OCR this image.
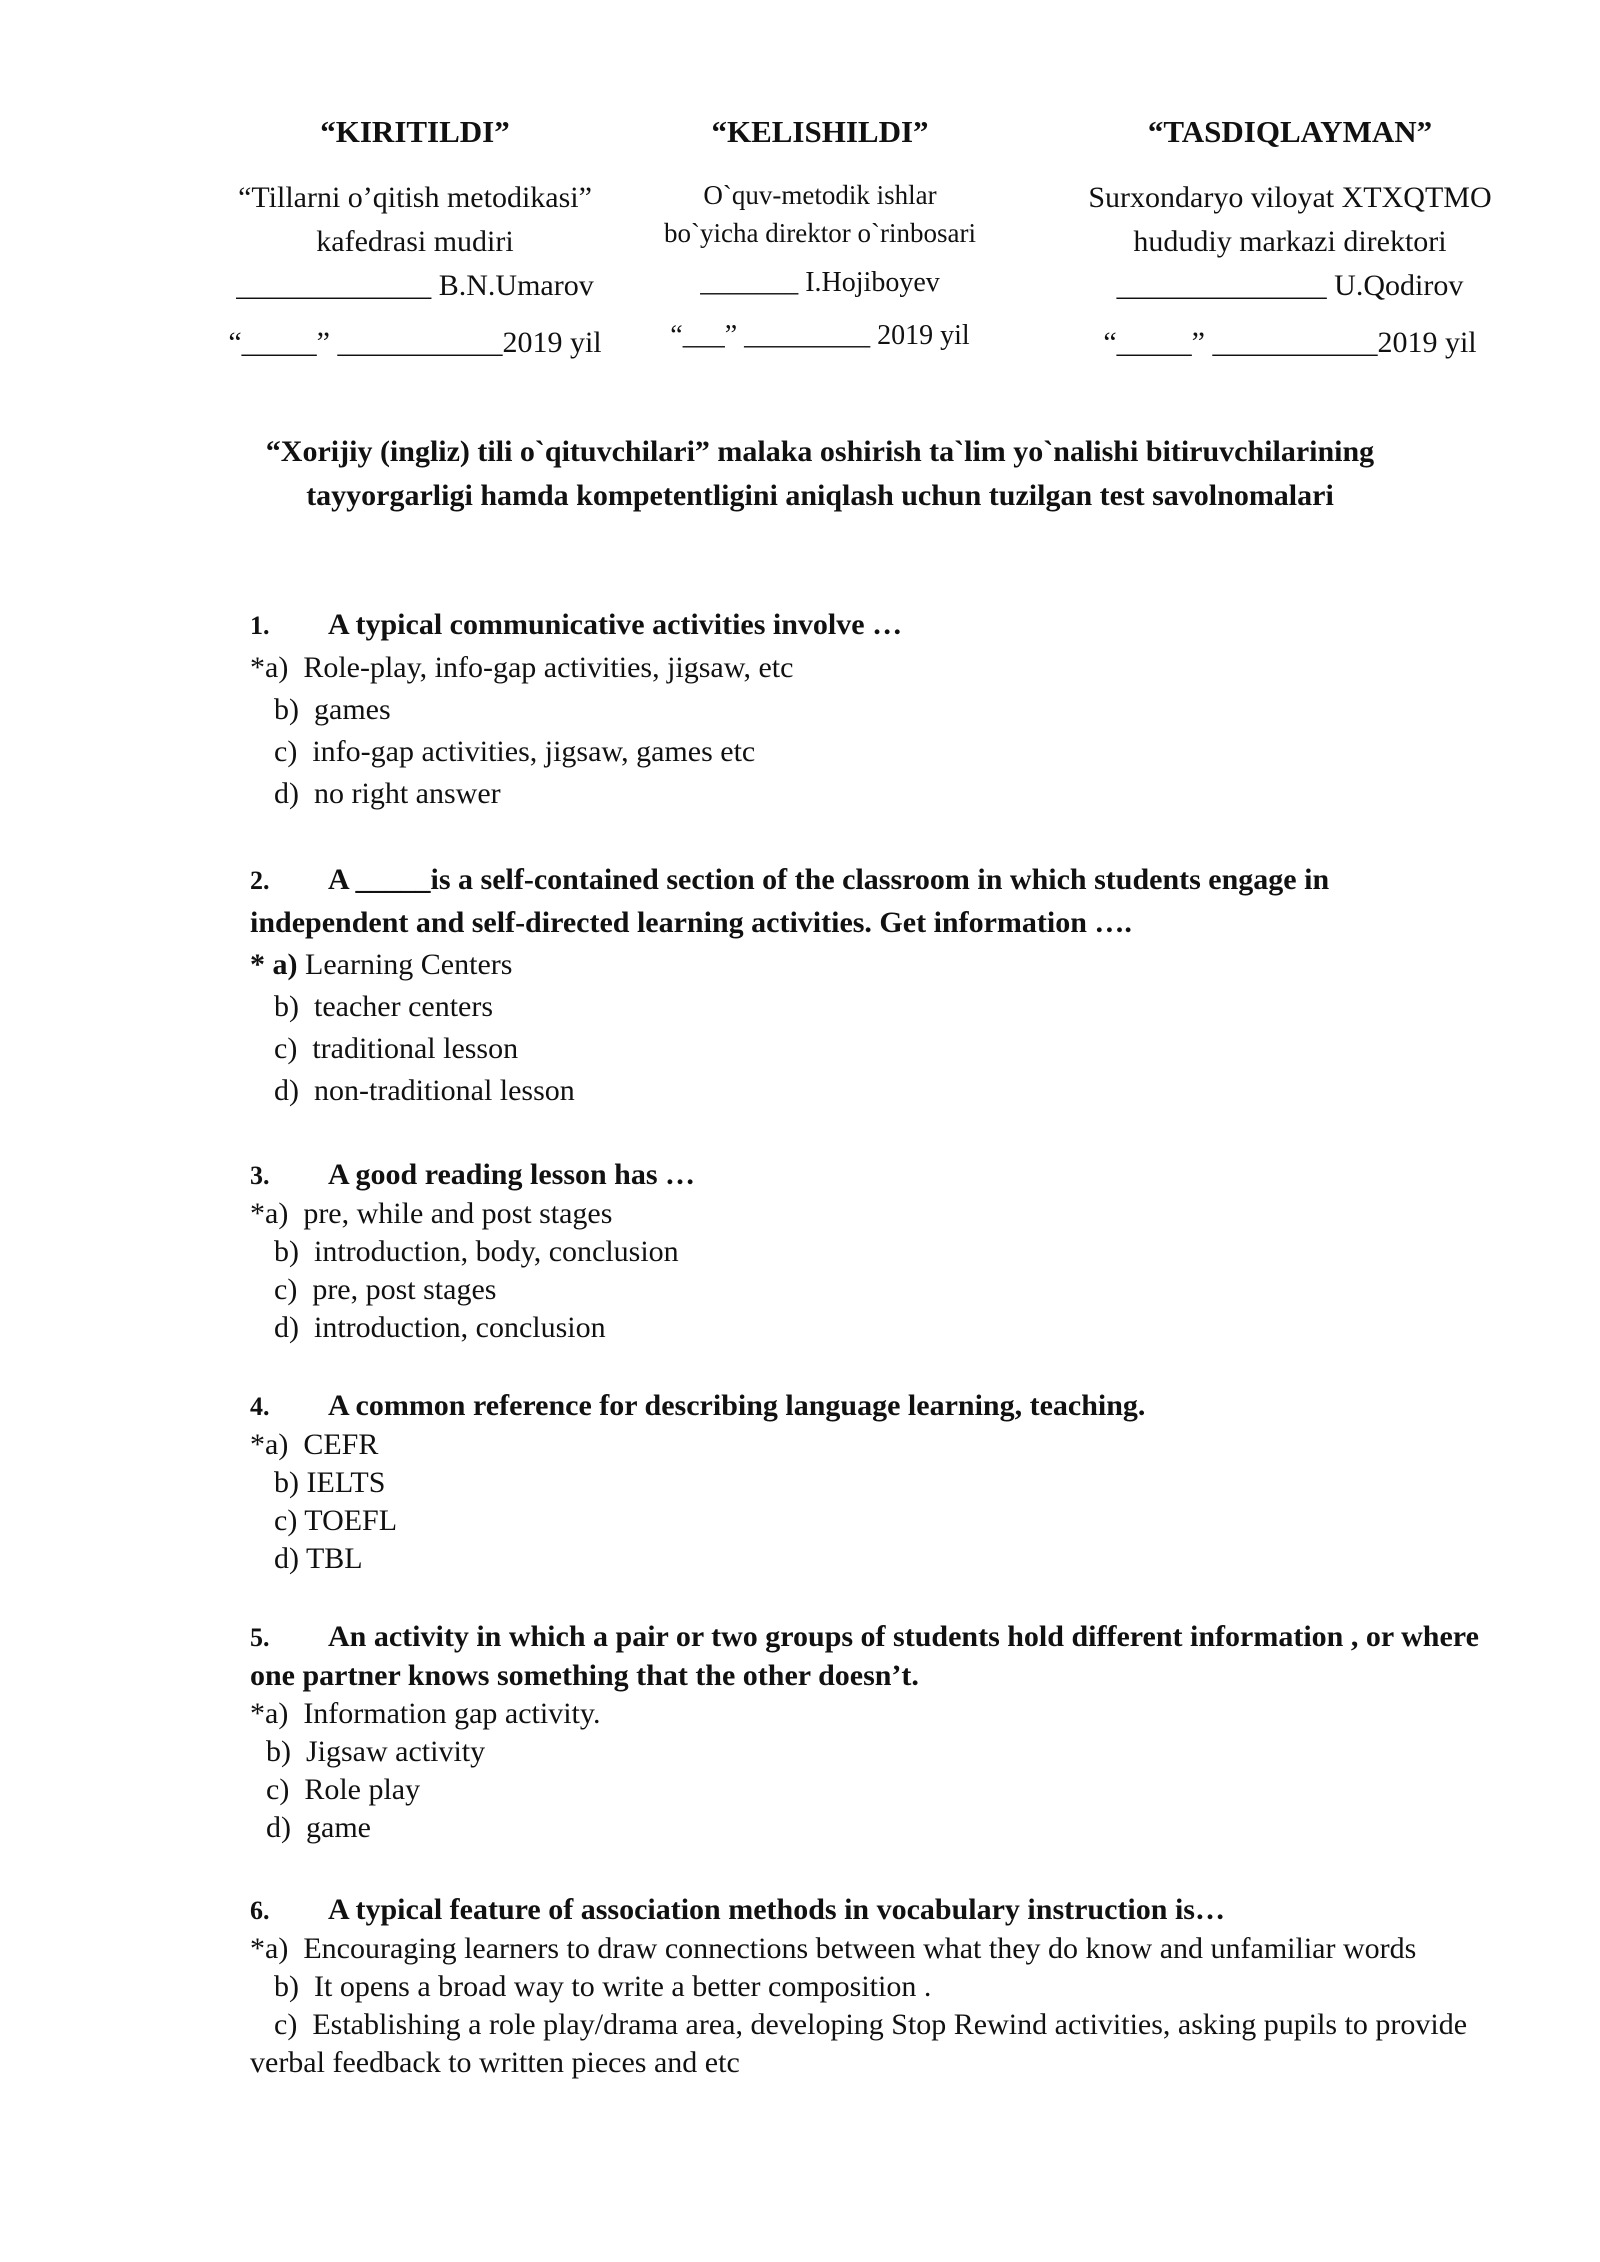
“KIRITILDI”
“Tillarni o’qitish metodikasi”
kafedrasi mudiri
_____________ B.N.Umarov
“_____” ___________2019 yil
“KELISHILDI”
O`quv-metodik ishlar
bo`yicha direktor o`rinbosari
_______ I.Hojiboyev
“___” _________ 2019 yil
“TASDIQLAYMAN”
Surxondaryo viloyat XTXQTMO
hududiy markazi direktori
______________ U.Qodirov
“_____” ___________2019 yil
“Xorijiy (ingliz) tili o`qituvchilari” malaka oshirish ta`lim yo`nalishi bitiruvchilarining tayyorgarligi hamda kompetentligini aniqlash uchun tuzilgan test savolnomalari
1. A typical communicative activities involve …
*a) Role-play, info-gap activities, jigsaw, etc
b) games
c) info-gap activities, jigsaw, games etc
d) no right answer
2. A _____is a self-contained section of the classroom in which students engage in independent and self-directed learning activities. Get information ….
* a) Learning Centers
b) teacher centers
c) traditional lesson
d) non-traditional lesson
3. A good reading lesson has …
*a) pre, while and post stages
b) introduction, body, conclusion
c) pre, post stages
d) introduction, conclusion
4. A common reference for describing language learning, teaching.
*a) CEFR
b) IELTS
c) TOEFL
d) TBL
5. An activity in which a pair or two groups of students hold different information , or where one partner knows something that the other doesn’t.
*a) Information gap activity.
b) Jigsaw activity
c) Role play
d) game
6. A typical feature of association methods in vocabulary instruction is…
*a) Encouraging learners to draw connections between what they do know and unfamiliar words
b) It opens a broad way to write a better composition .
c) Establishing a role play/drama area, developing Stop Rewind activities, asking pupils to provide verbal feedback to written pieces and etc
